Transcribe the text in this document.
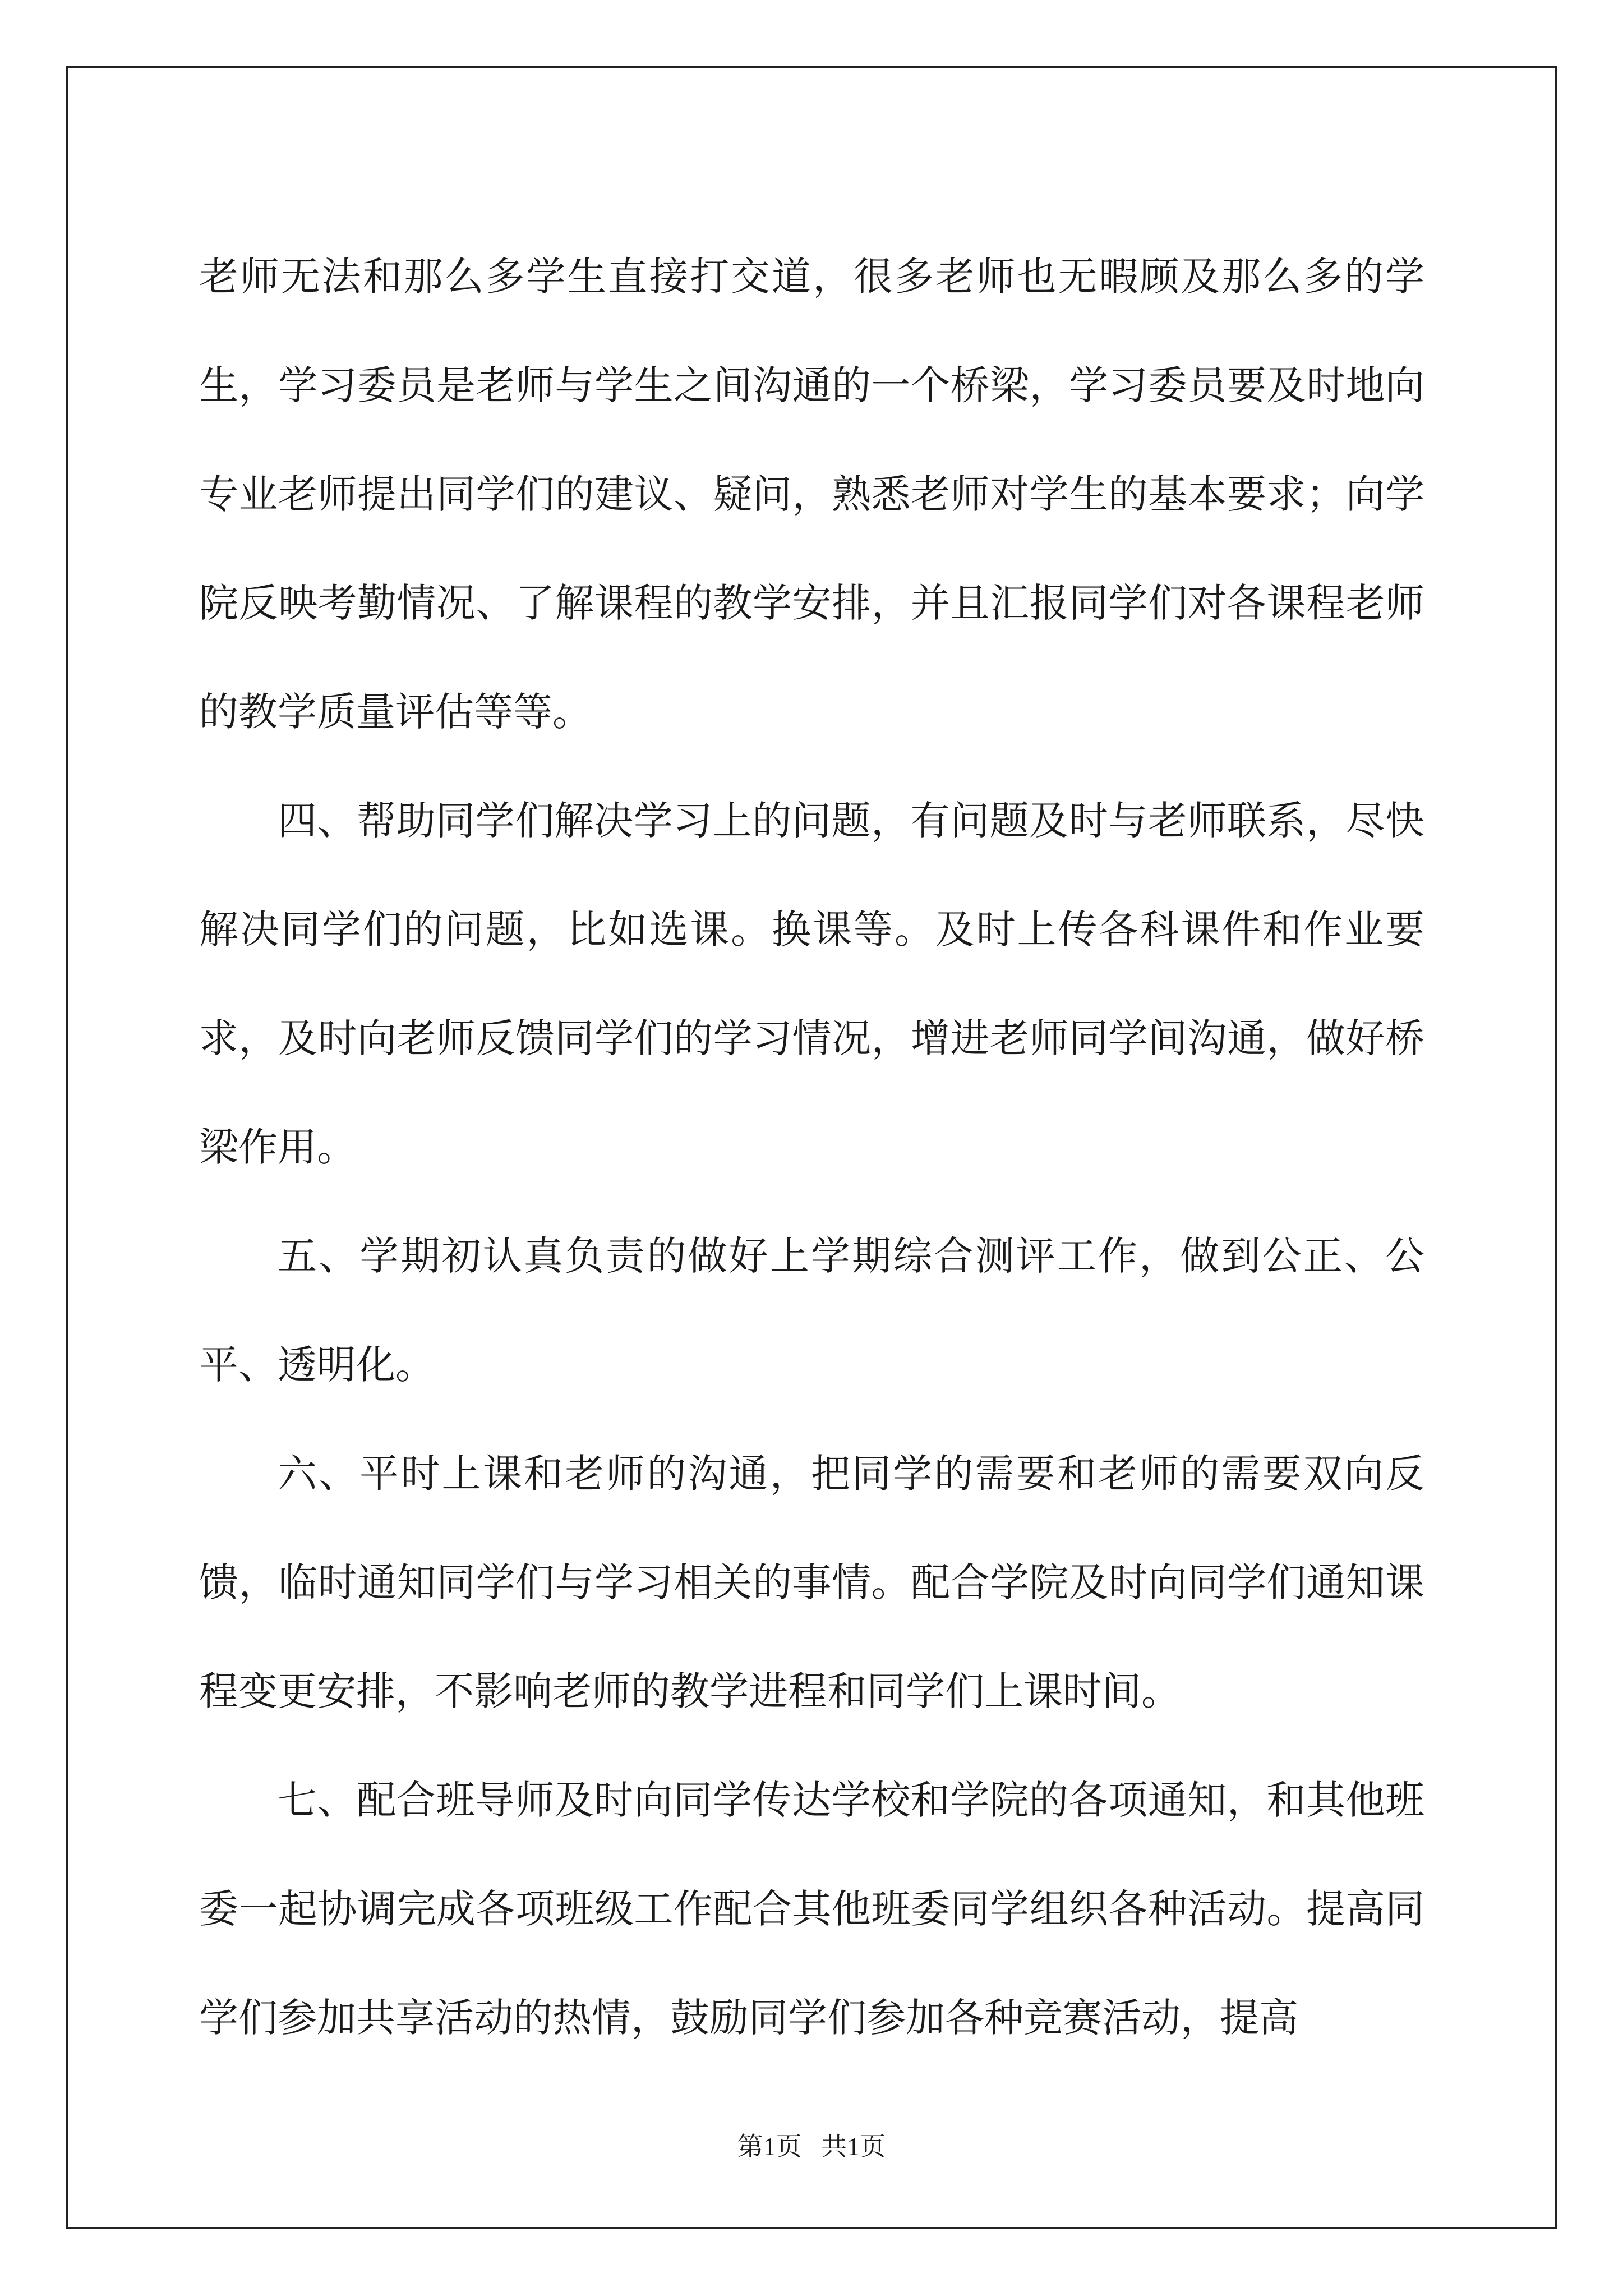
老师无法和那么多学生直接打交道，很多老师也无暇顾及那么多的学生，学习委员是老师与学生之间沟通的一个桥梁，学习委员要及时地向专业老师提出同学们的建议、疑问，熟悉老师对学生的基本要求；向学院反映考勤情况、了解课程的教学安排，并且汇报同学们对各课程老师的教学质量评估等等。

四、帮助同学们解决学习上的问题，有问题及时与老师联系，尽快解决同学们的问题，比如选课。换课等。及时上传各科课件和作业要求，及时向老师反馈同学们的学习情况，增进老师同学间沟通，做好桥梁作用。

五、学期初认真负责的做好上学期综合测评工作，做到公正、公平、透明化。

六、平时上课和老师的沟通，把同学的需要和老师的需要双向反馈，临时通知同学们与学习相关的事情。配合学院及时向同学们通知课程变更安排，不影响老师的教学进程和同学们上课时间。

七、配合班导师及时向同学传达学校和学院的各项通知，和其他班委一起协调完成各项班级工作配合其他班委同学组织各种活动。提高同学们参加共享活动的热情，鼓励同学们参加各种竞赛活动，提高

第1页   共1页
